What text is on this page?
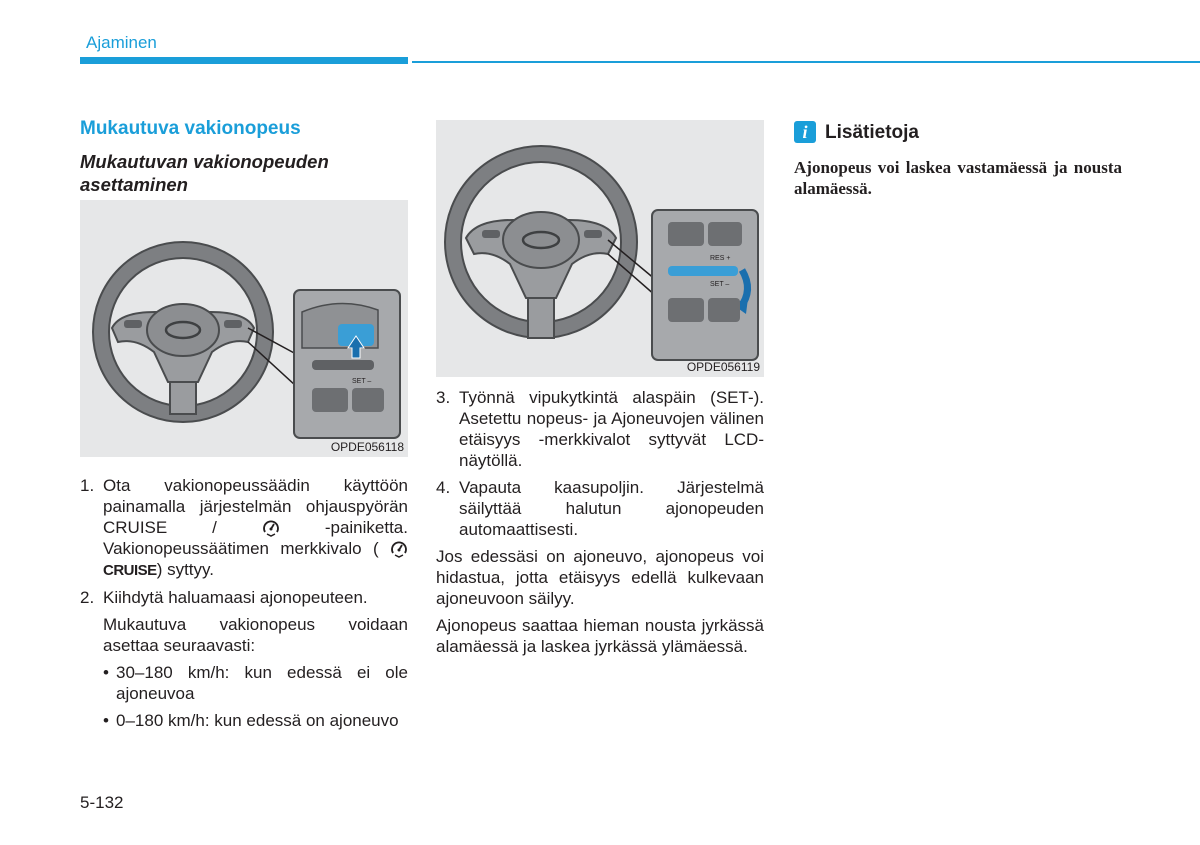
Ajaminen
Mukautuva vakionopeus
Mukautuvan vakionopeuden asettaminen
SET –
OPDE056118
RES +
SET –
OPDE056119
1. Ota vakionopeussäädin käyttöön painamalla järjestelmän ohjauspyörän CRUISE /	-painiketta. Vakionopeussäätimen merkkivalo ( CRUISE) syttyy.
2. Kiihdytä haluamaasi ajonopeuteen.

Mukautuva vakionopeus voidaan asettaa seuraavasti:

• 30–180 km/h: kun edessä ei ole ajoneuvoa
• 0–180 km/h: kun edessä on ajoneuvo
3. Työnnä vipukytkintä alaspäin (SET-). Asetettu nopeus- ja Ajoneuvojen välinen etäisyys -merkkivalot syttyvät LCD-näytöllä.
4. Vapauta kaasupoljin. Järjestelmä säilyttää halutun ajonopeuden automaattisesti.

Jos edessäsi on ajoneuvo, ajonopeus voi hidastua, jotta etäisyys edellä kulkevaan ajoneuvoon säilyy.

Ajonopeus saattaa hieman nousta jyrkässä alamäessä ja laskea jyrkässä ylämäessä.

i Lisätietoja
Ajonopeus voi laskea vastamäessä ja nousta alamäessä.
5-132
